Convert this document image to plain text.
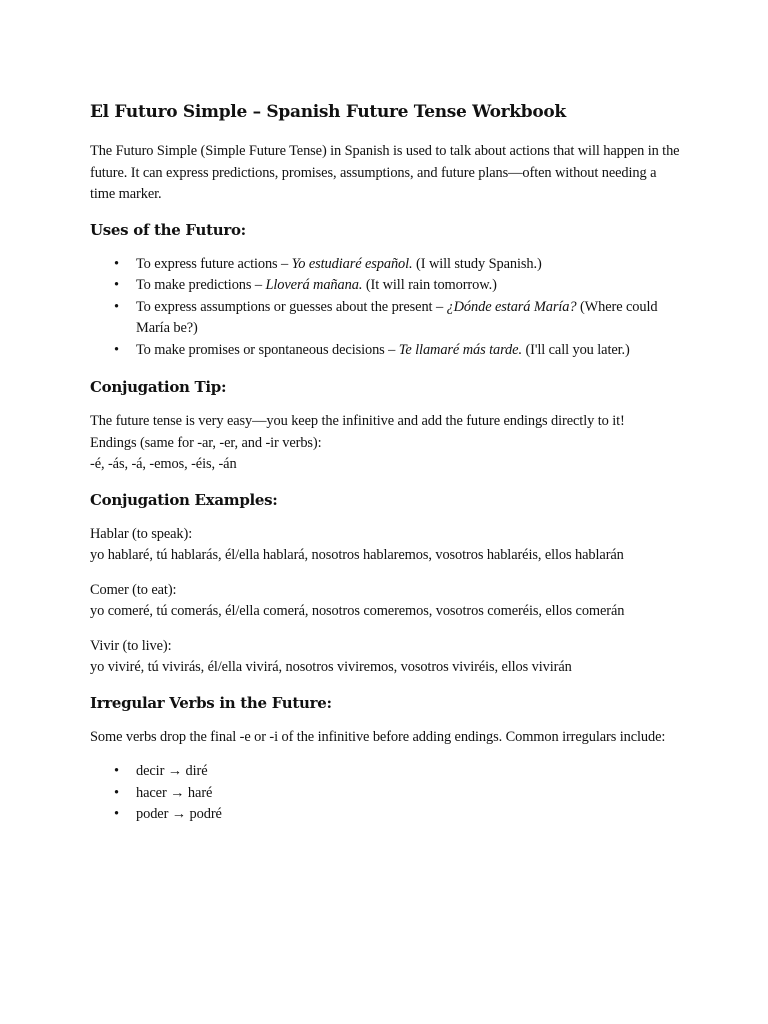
El Futuro Simple – Spanish Future Tense Workbook

The Futuro Simple (Simple Future Tense) in Spanish is used to talk about actions that will happen in the future. It can express predictions, promises, assumptions, and future plans—often without needing a time marker.

Uses of the Futuro:
• To express future actions – Yo estudiaré español. (I will study Spanish.)
• To make predictions – Lloverá mañana. (It will rain tomorrow.)
• To express assumptions or guesses about the present – ¿Dónde estará María? (Where could María be?)
• To make promises or spontaneous decisions – Te llamaré más tarde. (I'll call you later.)
Conjugation Tip:

The future tense is very easy—you keep the infinitive and add the future endings directly to it!

Endings (same for -ar, -er, and -ir verbs):

-é, -ás, -á, -emos, -éis, -án

Conjugation Examples:

Hablar (to speak):

yo hablaré, tú hablarás, él/ella hablará, nosotros hablaremos, vosotros hablaréis, ellos hablarán

Comer (to eat):

yo comeré, tú comerás, él/ella comerá, nosotros comeremos, vosotros comeréis, ellos comerán

Vivir (to live):

yo viviré, tú vivirás, él/ella vivirá, nosotros viviremos, vosotros viviréis, ellos vivirán

Irregular Verbs in the Future:

Some verbs drop the final -e or -i of the infinitive before adding endings. Common irregulars include:

• decir → diré
• hacer → haré
• poder → podré
